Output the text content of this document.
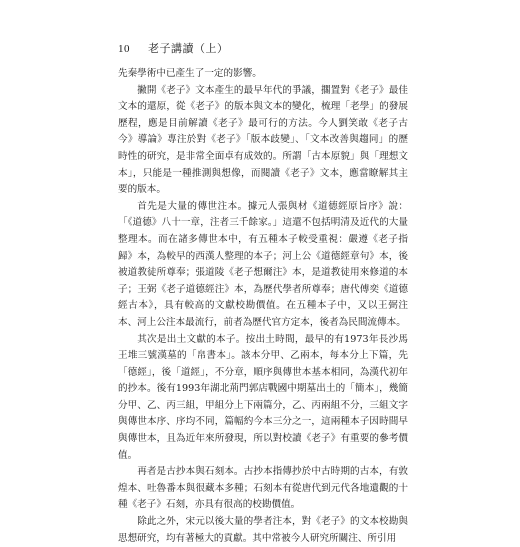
10 老子講讀（上）

先秦學術中已產生了一定的影響。

撇開《老子》文本產生的最早年代的爭議，擱置對《老子》最佳文本的還原，從《老子》的版本與文本的變化，梳理「老學」的發展歷程，應是目前解讀《老子》最可行的方法。今人劉笑敢《老子古今》導論》專注於對《老子》「版本歧變」、「文本改善與趨同」的歷時性的研究，是非常全面卓有成效的。所謂「古本原貌」與「理想文本」，只能是一種推測與想像，而閱讀《老子》文本，應當瞭解其主要的版本。

首先是大量的傳世注本。據元人張與材《道德經原旨序》說：「《道德》八十一章，注者三千餘家。」這還不包括明清及近代的大量整理本。而在諸多傳世本中，有五種本子較受重視：嚴遵《老子指歸》本，為較早的西漢人整理的本子；河上公《道德經章句》本，後被道教徒所尊奉；張道陵《老子想爾注》本，是道教徒用來修道的本子；王弼《老子道德經注》本，為歷代學者所尊奉；唐代傅奕《道德經古本》，具有較高的文獻校勘價值。在五種本子中，又以王弼注本、河上公注本最流行，前者為歷代官方定本，後者為民間流傳本。

其次是出土文獻的本子。按出土時間，最早的有1973年長沙馬王堆三號漢墓的「帛書本」。該本分甲、乙兩本，每本分上下篇，先「德經」，後「道經」，不分章，順序與傳世本基本相同，為漢代初年的抄本。後有1993年湖北荊門郭店戰國中期墓出土的「簡本」，幾簡分甲、乙、丙三組，甲組分上下兩篇分，乙、丙兩組不分，三組文字與傳世本序、序均不同，篇幅約今本三分之一，這兩種本子因時間早與傳世本，且為近年來所發現，所以對校讀《老子》有重要的參考價值。

再者是古抄本與石刻本。古抄本指傳抄於中古時期的古本，有敦煌本、吐魯番本與很藏本多種；石刻本有從唐代到元代各地遺觀的十種《老子》石刻，亦具有很高的校勘價值。

除此之外，宋元以後大量的學者注本，對《老子》的文本校勘與思想研究，均有著極大的貢獻。其中常被今人研究所關注、所引用
